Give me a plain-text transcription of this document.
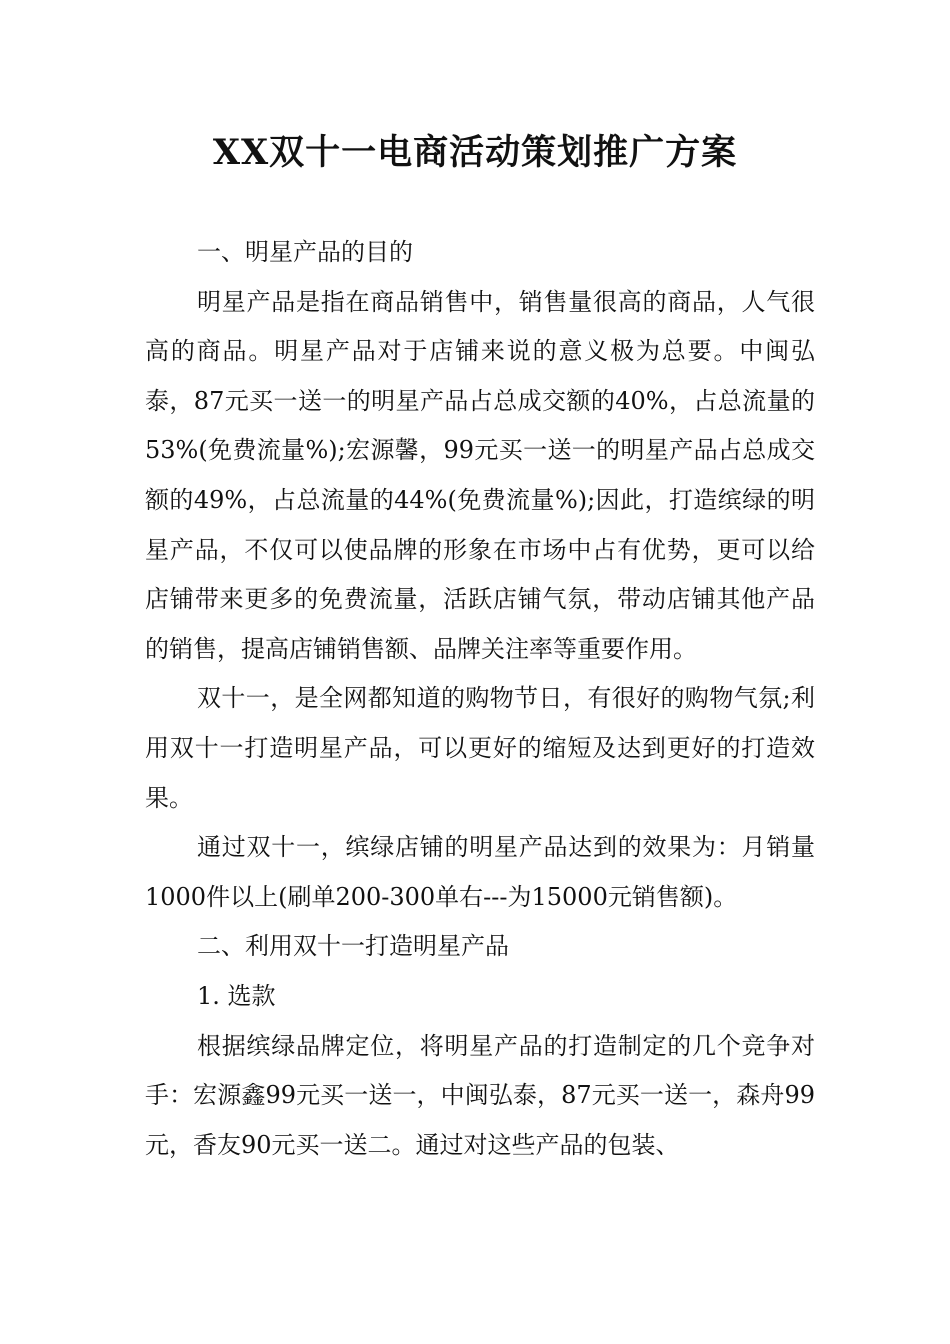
XX双十一电商活动策划推广方案

一、明星产品的目的

明星产品是指在商品销售中，销售量很高的商品，人气很高的商品。明星产品对于店铺来说的意义极为总要。中闽弘泰，87元买一送一的明星产品占总成交额的40%，占总流量的53%(免费流量%);宏源馨，99元买一送一的明星产品占总成交额的49%，占总流量的44%(免费流量%);因此，打造缤绿的明星产品，不仅可以使品牌的形象在市场中占有优势，更可以给店铺带来更多的免费流量，活跃店铺气氛，带动店铺其他产品的销售，提高店铺销售额、品牌关注率等重要作用。

双十一，是全网都知道的购物节日，有很好的购物气氛;利用双十一打造明星产品，可以更好的缩短及达到更好的打造效果。

通过双十一，缤绿店铺的明星产品达到的效果为：月销量1000件以上(刷单200-300单右---为15000元销售额)。

二、利用双十一打造明星产品

1. 选款

根据缤绿品牌定位，将明星产品的打造制定的几个竞争对手：宏源鑫99元买一送一，中闽弘泰，87元买一送一，森舟99元，香友90元买一送二。通过对这些产品的包装、
